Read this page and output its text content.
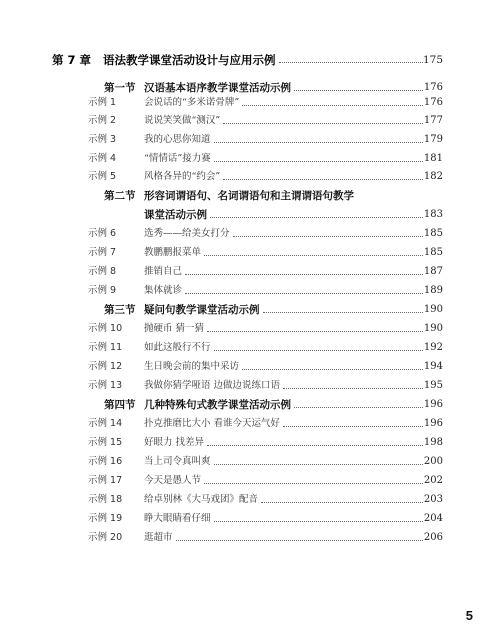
第 7 章	语法教学课堂活动设计与应用示例	175
第一节 汉语基本语序教学课堂活动示例	176
示例 1	会说话的“多米诺骨牌”	176
示例 2	说说笑笑做“测汉”	177
示例 3	我的心思你知道	179
示例 4	“情情话”接力赛	181
示例 5	风格各异的“约会”	182
第二节 形容词谓语句、名词谓语句和主谓谓语句教学
课堂活动示例	183
示例 6	选秀——给美女打分	185
示例 7	教鹏鹏报菜单	185
示例 8	推销自己	187
示例 9	集体就诊	189
第三节 疑问句教学课堂活动示例	190
示例 10	抛硬币 猜一猜	190
示例 11	如此这般行不行	192
示例 12	生日晚会前的集中采访	194
示例 13	我做你猜学哑语 边做边说练口语	195
第四节 几种特殊句式教学课堂活动示例	196
示例 14	扑克推磨比大小 看谁今天运气好	196
示例 15	好眼力 找差异	198
示例 16	当上司令真叫爽	200
示例 17	今天是愚人节	202
示例 18	给卓别林《大马戏团》配音	203
示例 19	睁大眼睛看仔细	204
示例 20	逛超市	206
5
